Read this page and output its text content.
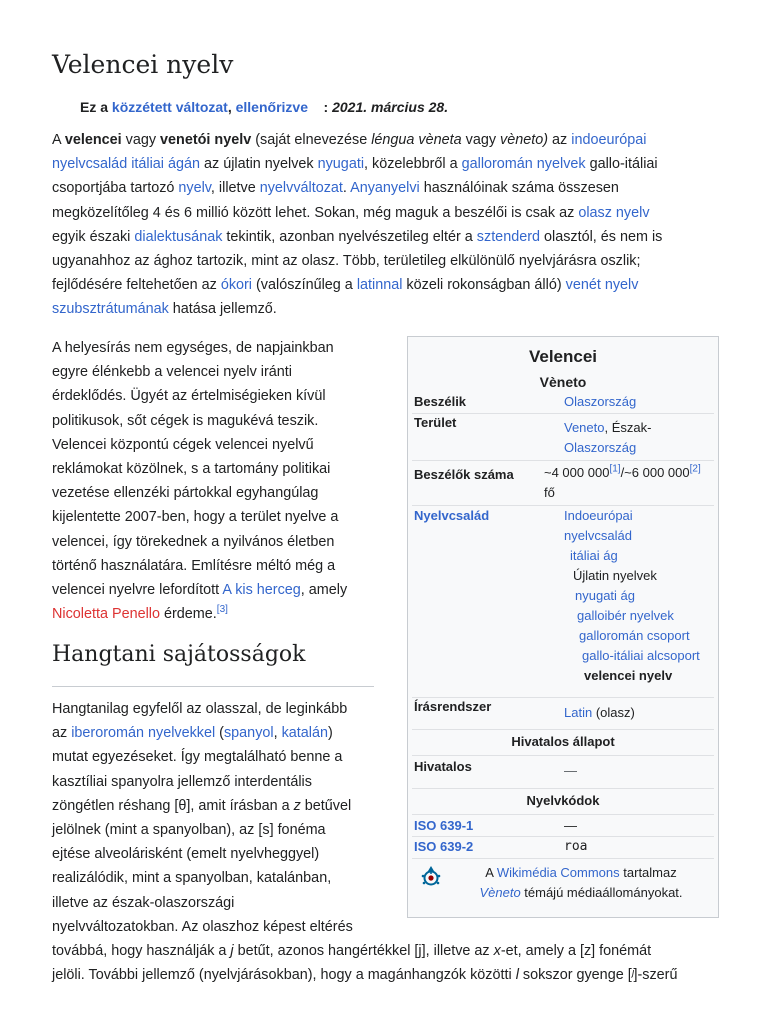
Velencei nyelv
Ez a közzétett változat, ellenőrizve : 2021. március 28.
A velencei vagy venetói nyelv (saját elnevezése léngua vèneta vagy vèneto) az indoeurópai
nyelvcsalád itáliai ágán az újlatin nyelvek nyugati, közelebbről a galloromán nyelvek gallo-itáliai
csoportjába tartozó nyelv, illetve nyelvváltozat. Anyanyelvi használóinak száma összesen
megközelítőleg 4 és 6 millió között lehet. Sokan, még maguk a beszélői is csak az olasz nyelv
egyik északi dialektusának tekintik, azonban nyelvészetileg eltér a sztenderd olasztól, és nem is
ugyanahhoz az ághoz tartozik, mint az olasz. Több, területileg elkülönülő nyelvjárásra oszlik;
fejlődésére feltehetően az ókori (valószínűleg a latinnal közeli rokonságban álló) venét nyelv
szubsztrátumának hatása jellemző.
A helyesírás nem egységes, de napjainkban
egyre élénkebb a velencei nyelv iránti
érdeklődés. Ügyét az értelmiségieken kívül
politikusok, sőt cégek is magukévá teszik.
Velencei központú cégek velencei nyelvű
reklámokat közölnek, s a tartomány politikai
vezetése ellenzéki pártokkal egyhangúlag
kijelentette 2007-ben, hogy a terület nyelve a
velencei, így törekednek a nyilvános életben
történő használatára. Említésre méltó még a
velencei nyelvre lefordított A kis herceg, amely
Nicoletta Penello érdeme.[3]
Hangtani sajátosságok
Hangtanilag egyfelől az olasszal, de leginkább
az iberoromán nyelvekkel (spanyol, katalán)
mutat egyezéseket. Így megtalálható benne a
kasztíliai spanyolra jellemző interdentális
zöngétlen réshang [θ], amit írásban a z betűvel
jelölnek (mint a spanyolban), az [s] fonéma
ejtése alveolárisként (emelt nyelvheggyel)
realizálódik, mint a spanyolban, katalánban,
illetve az észak-olaszországi
nyelvváltozatokban. Az olaszhoz képest eltérés
továbbá, hogy használják a j betűt, azonos hangértékkel [j], illetve az x-et, amely a [z] fonémát
jelöli. További jellemző (nyelvjárásokban), hogy a magánhangzók közötti l sokszor gyenge [ʲ]-szerű
Velencei
Vèneto
Beszélik	Olaszország
Terület	Veneto, Észak-
Olaszország
Beszélők száma ~4 000 000[1]/~6 000 000[2]
fő
Nyelvcsalád	Indoeurópai
nyelvcsalád
itáliai ág
Újlatin nyelvek
nyugati ág
galloibér nyelvek
galloromán csoport
gallo-itáliai alcsoport
velencei nyelv
Írásrendszer	Latin (olasz)
Hivatalos állapot
Hivatalos	—
Nyelvkódok
ISO 639-1	—
ISO 639-2	roa
A Wikimédia Commons tartalmaz
Vèneto témájú médiaállományokat.
